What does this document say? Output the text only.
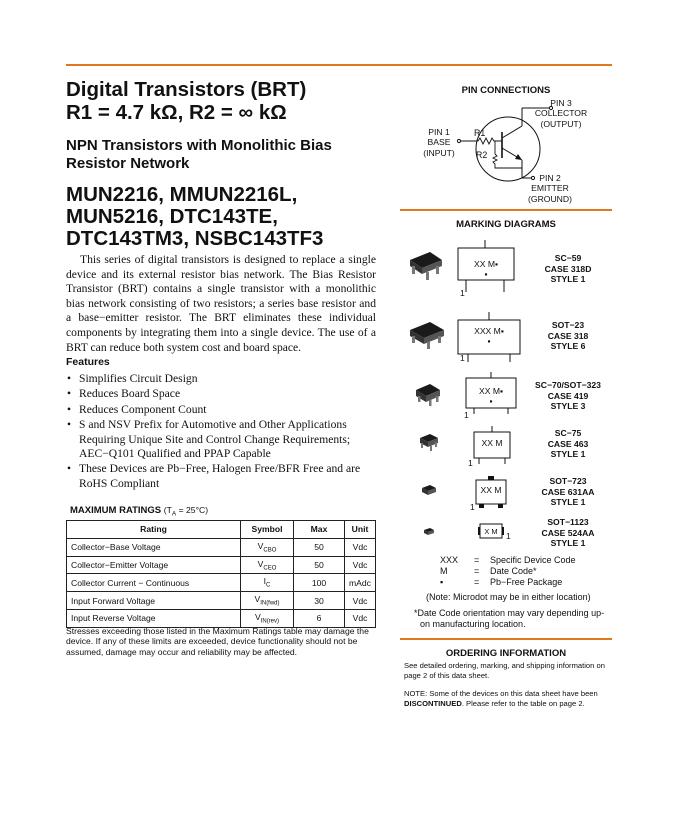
Digital Transistors (BRT)
R1 = 4.7 kΩ, R2 = ∞ kΩ
NPN Transistors with Monolithic Bias
Resistor Network
MUN2216, MMUN2216L,
MUN5216, DTC143TE,
DTC143TM3, NSBC143TF3
This series of digital transistors is designed to replace a single device and its external resistor bias network. The Bias Resistor Transistor (BRT) contains a single transistor with a monolithic bias network consisting of two resistors; a series base resistor and a base−emitter resistor. The BRT eliminates these individual components by integrating them into a single device. The use of a BRT can reduce both system cost and board space.
Features
• Simplifies Circuit Design
• Reduces Board Space
• Reduces Component Count
• S and NSV Prefix for Automotive and Other Applications Requiring Unique Site and Control Change Requirements; AEC−Q101 Qualified and PPAP Capable
• These Devices are Pb−Free, Halogen Free/BFR Free and are RoHS Compliant
MAXIMUM RATINGS $(T_A = 25^\circ C)$
Rating	Symbol	Max	Unit
Collector−Base Voltage	$V_{CBO}$	50	Vdc
Collector−Emitter Voltage	$V_{CEO}$	50	Vdc
Collector Current − Continuous	$I_C$	100	mAdc
Input Forward Voltage	$V_{IN(fwd)}$	30	Vdc
Input Reverse Voltage	$V_{IN(rev)}$	6	Vdc
Stresses exceeding those listed in the Maximum Ratings table may damage the device. If any of these limits are exceeded, device functionality should not be assumed, damage may occur and reliability may be affected.
PIN CONNECTIONS
R1
R2
PIN 3
COLLECTOR
(OUTPUT)
PIN 1
BASE
(INPUT)
PIN 2
EMITTER
(GROUND)
MARKING DIAGRAMS
XX M▪
▪
XXX M▪
▪
XX M▪
▪
XX M
XX M
X M
1
1
1
1
1
1
SC−59
CASE 318D
STYLE 1
SOT−23
CASE 318
STYLE 6
SC−70/SOT−323
CASE 419
STYLE 3
SC−75
CASE 463
STYLE 1
SOT−723
CASE 631AA
STYLE 1
SOT−1123
CASE 524AA
STYLE 1
XXX	=	Specific Device Code
M	=	Date Code*
▪	=	Pb−Free Package
(Note: Microdot may be in either location)
*Date Code orientation may vary depending up-
on manufacturing location.
ORDERING INFORMATION
See detailed ordering, marking, and shipping information on page 2 of this data sheet.
NOTE: Some of the devices on this data sheet have been DISCONTINUED. Please refer to the table on page 2.
